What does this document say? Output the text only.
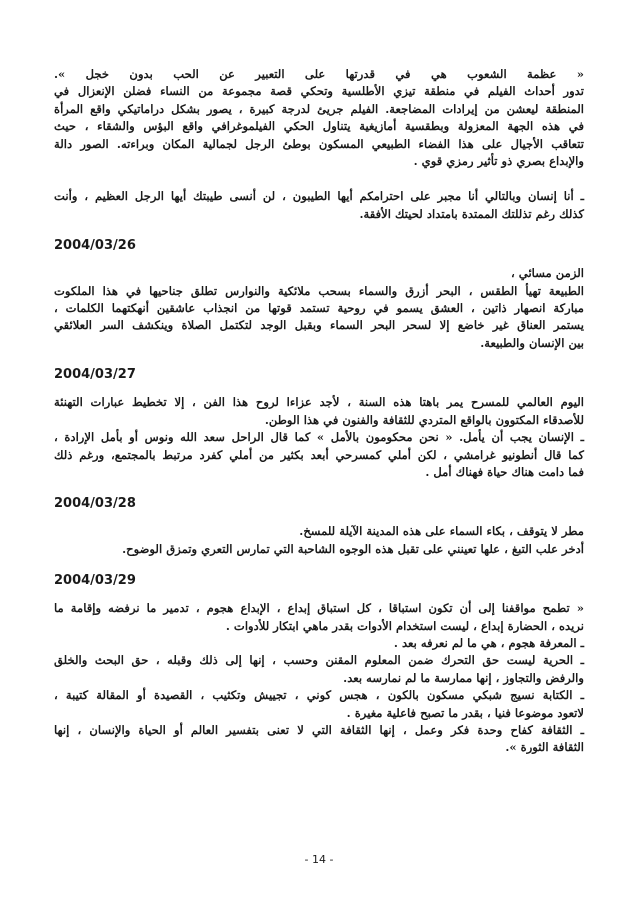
« عظمة الشعوب هي في قدرتها على التعبير عن الحب بدون خجل ».
تدور أحداث الفيلم في منطقة تيزي الأطلسية وتحكي قصة مجموعة من النساء فضلن الإنعزال في
المنطقة ليعشن من إيرادات المضاجعة. الفيلم جريئ لدرجة كبيرة ، يصور بشكل دراماتيكي واقع المرأة
في هذه الجهة المعزولة وبطقسية أمازيغية يتناول الحكي الفيلموغرافي واقع البؤس والشقاء ، حيث
تتعاقب الأجيال على هذا الفضاء الطبيعي المسكون بوطئ الرجل لجمالية المكان وبراءته. الصور دالة
والإبداع بصري ذو تأثير رمزي قوي .
ـ أنا إنسان وبالتالي أنا مجبر على احترامكم أيها الطيبون ، لن أنسى طيبتك أيها الرجل العظيم ، وأنت
كذلك رغم تذللتك الممتدة بامتداد لحيتك الأفقة.
2004/03/26
الزمن مسائي ،
الطبيعة تهيأ الطقس ، البحر أزرق والسماء بسحب ملائكية والنوارس تطلق جناحيها في هذا الملكوت
مباركة انصهار ذاتين ، العشق يسمو في روحية تستمد قوتها من انجذاب عاشقين أنهكتهما الكلمات ،
يستمر العناق غير خاضع إلا لسحر البحر السماء وبقبل الوجد لتكتمل الصلاة وينكشف السر العلائقي
بين الإنسان والطبيعة.
2004/03/27
اليوم العالمي للمسرح يمر باهتا هذه السنة ، لأجد عزاءا لروح هذا الفن ، إلا تخطيط عبارات التهنئة
للأصدقاء المكتوون بالواقع المتردي للثقافة والفنون في هذا الوطن.
ـ الإنسان يجب أن يأمل. « نحن محكومون بالأمل » كما قال الراحل سعد الله ونوس أو بأمل الإرادة ،
كما قال أنطونيو غرامشي ، لكن أملي كمسرحي أبعد بكثير من أملي كفرد مرتبط بالمجتمع، ورغم ذلك
فما دامت هناك حياة فهناك أمل .
2004/03/28
مطر لا يتوقف ، بكاء السماء على هذه المدينة الآيلة للمسخ.
أدخر علب التبغ ، علها تعينني على تقبل هذه الوجوه الشاحبة التي تمارس التعري وتمزق الوضوح.
2004/03/29
« تطمح مواقفنا إلى أن تكون استباقا ، كل استباق إبداع ، الإبداع هجوم ، تدمير ما نرفضه وإقامة ما
نريده ، الحضارة إبداع ، ليست استخدام الأدوات بقدر ماهي ابتكار للأدوات .
ـ المعرفة هجوم ، هي ما لم نعرفه بعد .
ـ الحرية ليست حق التحرك ضمن المعلوم المقنن وحسب ، إنها إلى ذلك وقبله ، حق البحث والخلق
والرفض والتجاوز ، إنها ممارسة ما لم نمارسه بعد.
ـ الكتابة نسيج شبكي مسكون بالكون ، هجس كوني ، تجييش وتكثيب ، القصيدة أو المقالة كتيبة ،
لاتعود موضوعا فنيا ، بقدر ما تصبح فاعلية مغيرة .
ـ الثقافة كفاح وحدة فكر وعمل ، إنها الثقافة التي لا تعنى بتفسير العالم أو الحياة والإنسان ، إنها
الثقافة الثورة ».
- 14 -
